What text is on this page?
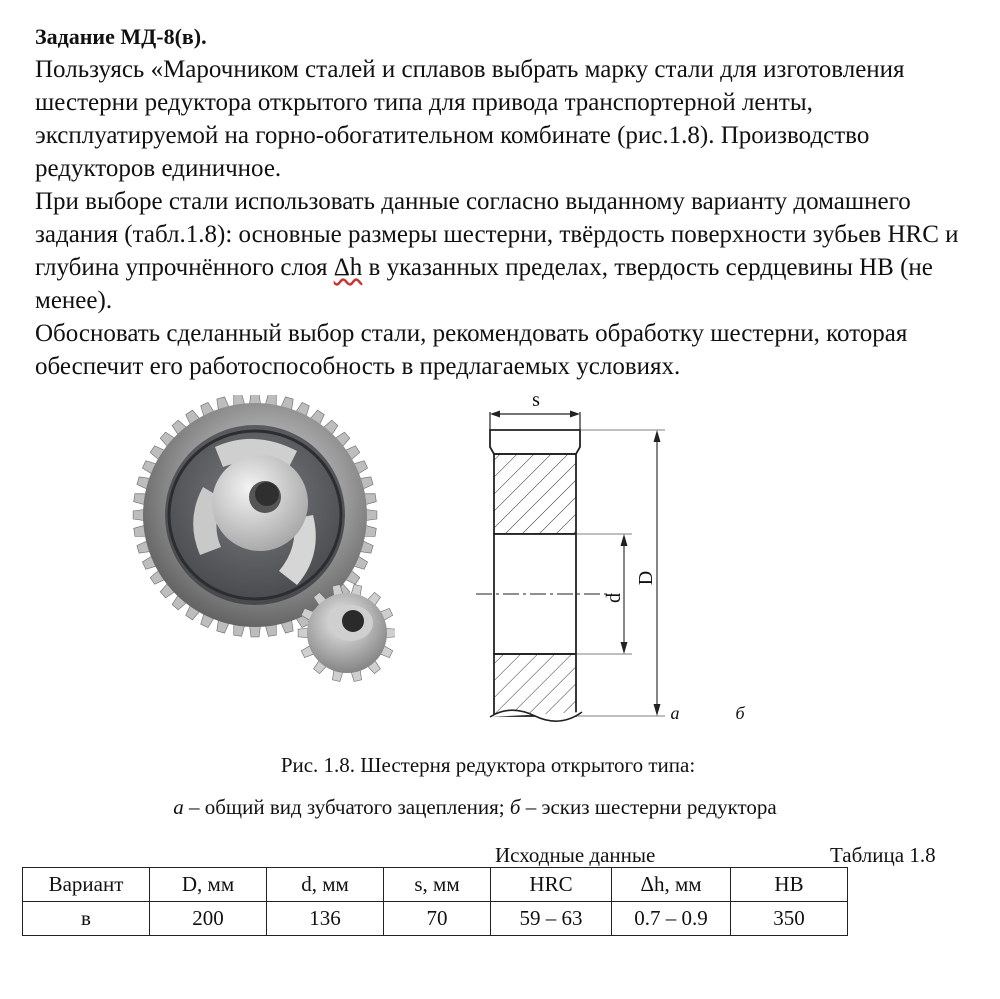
Задание МД-8(в).

Пользуясь «Марочником сталей и сплавов выбрать марку стали для изготовления шестерни редуктора открытого типа для привода транспортерной ленты, эксплуатируемой на горно-обогатительном комбинате (рис.1.8). Производство редукторов единичное.

При выборе стали использовать данные согласно выданному варианту домашнего задания (табл.1.8): основные размеры шестерни, твёрдость поверхности зубьев HRC и глубина упрочнённого слоя Δh в указанных пределах, твердость сердцевины HB (не менее).

Обосновать сделанный выбор стали, рекомендовать обработку шестерни, которая обеспечит его работоспособность в предлагаемых условиях.

s
D
d
а	б

Рис. 1.8. Шестерня редуктора открытого типа:

а – общий вид зубчатого зацепления; б – эскиз шестерни редуктора

Исходные данные	Таблица 1.8
Вариант	D, мм	d, мм	s, мм	HRC	Δh, мм	HB
в	200	136	70	59 – 63	0.7 – 0.9	350
